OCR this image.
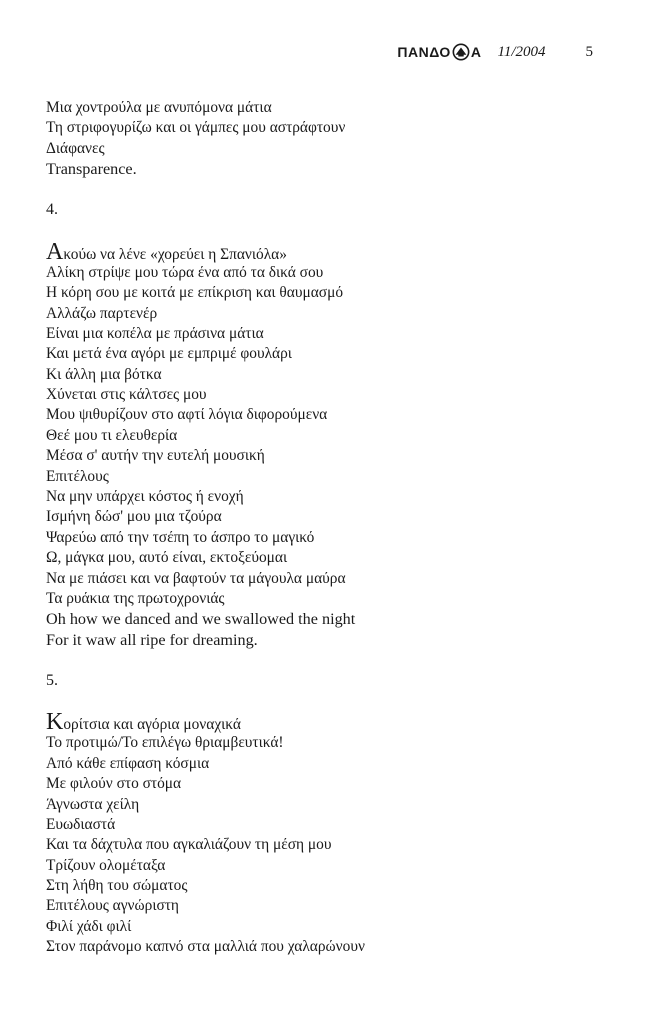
ΠΑΝΔΟ Α 11/2004	5
Μια χοντρούλα με ανυπόμονα μάτια
Τη στριφογυρίζω και οι γάμπες μου αστράφτουν
Διάφανες
Transparence.
4.
Ακούω να λένε «χορεύει η Σπανιόλα»
Αλίκη στρίψε μου τώρα ένα από τα δικά σου
Η κόρη σου με κοιτά με επίκριση και θαυμασμό
Αλλάζω παρτενέρ
Είναι μια κοπέλα με πράσινα μάτια
Και μετά ένα αγόρι με εμπριμέ φουλάρι
Κι άλλη μια βότκα
Χύνεται στις κάλτσες μου
Μου ψιθυρίζουν στο αφτί λόγια διφορούμενα
Θεέ μου τι ελευθερία
Μέσα σ' αυτήν την ευτελή μουσική
Επιτέλους
Να μην υπάρχει κόστος ή ενοχή
Ισμήνη δώσ' μου μια τζούρα
Ψαρεύω από την τσέπη το άσπρο το μαγικό
Ω, μάγκα μου, αυτό είναι, εκτοξεύομαι
Να με πιάσει και να βαφτούν τα μάγουλα μαύρα
Τα ρυάκια της πρωτοχρονιάς
Oh how we danced and we swallowed the night
For it waw all ripe for dreaming.
5.
Κορίτσια και αγόρια μοναχικά
Το προτιμώ/Το επιλέγω θριαμβευτικά!
Από κάθε επίφαση κόσμια
Με φιλούν στο στόμα
Άγνωστα χείλη
Ευωδιαστά
Και τα δάχτυλα που αγκαλιάζουν τη μέση μου
Τρίζουν ολομέταξα
Στη λήθη του σώματος
Επιτέλους αγνώριστη
Φιλί χάδι φιλί
Στον παράνομο καπνό στα μαλλιά που χαλαρώνουν
